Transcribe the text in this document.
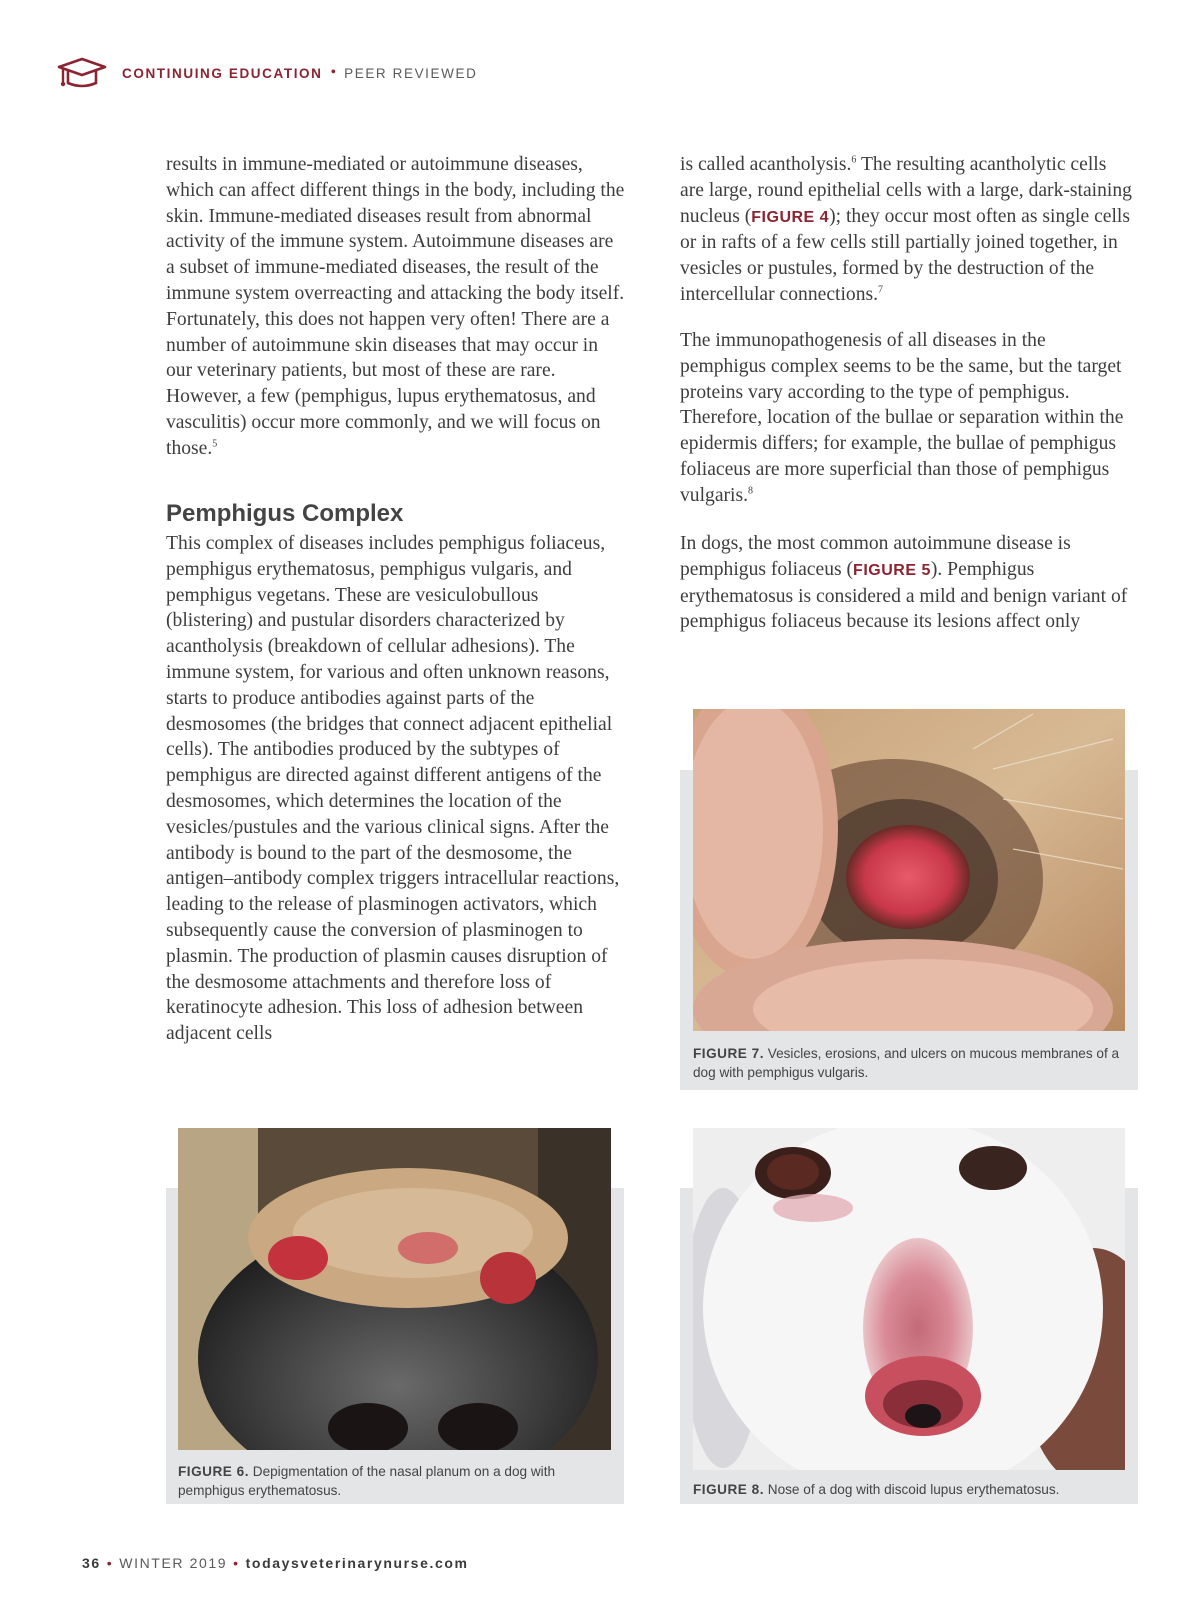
CONTINUING EDUCATION • PEER REVIEWED

results in immune-mediated or autoimmune diseases, which can affect different things in the body, including the skin. Immune-mediated diseases result from abnormal activity of the immune system. Autoimmune diseases are a subset of immune-mediated diseases, the result of the immune system overreacting and attacking the body itself. Fortunately, this does not happen very often! There are a number of autoimmune skin diseases that may occur in our veterinary patients, but most of these are rare. However, a few (pemphigus, lupus erythematosus, and vasculitis) occur more commonly, and we will focus on those.$^5$

Pemphigus Complex

This complex of diseases includes pemphigus foliaceus, pemphigus erythematosus, pemphigus vulgaris, and pemphigus vegetans. These are vesiculobullous (blistering) and pustular disorders characterized by acantholysis (breakdown of cellular adhesions). The immune system, for various and often unknown reasons, starts to produce antibodies against parts of the desmosomes (the bridges that connect adjacent epithelial cells). The antibodies produced by the subtypes of pemphigus are directed against different antigens of the desmosomes, which determines the location of the vesicles/pustules and the various clinical signs. After the antibody is bound to the part of the desmosome, the antigen–antibody complex triggers intracellular reactions, leading to the release of plasminogen activators, which subsequently cause the conversion of plasminogen to plasmin. The production of plasmin causes disruption of the desmosome attachments and therefore loss of keratinocyte adhesion. This loss of adhesion between adjacent cells

is called acantholysis.$^6$ The resulting acantholytic cells are large, round epithelial cells with a large, dark-staining nucleus (FIGURE 4); they occur most often as single cells or in rafts of a few cells still partially joined together, in vesicles or pustules, formed by the destruction of the intercellular connections.$^7$

The immunopathogenesis of all diseases in the pemphigus complex seems to be the same, but the target proteins vary according to the type of pemphigus. Therefore, location of the bullae or separation within the epidermis differs; for example, the bullae of pemphigus foliaceus are more superficial than those of pemphigus vulgaris.$^8$

In dogs, the most common autoimmune disease is pemphigus foliaceus (FIGURE 5). Pemphigus erythematosus is considered a mild and benign variant of pemphigus foliaceus because its lesions affect only

FIGURE 7. Vesicles, erosions, and ulcers on mucous membranes of a dog with pemphigus vulgaris.

FIGURE 6. Depigmentation of the nasal planum on a dog with pemphigus erythematosus.	FIGURE 8. Nose of a dog with discoid lupus erythematosus.

36 • WINTER 2019 • todaysveterinarynurse.com
